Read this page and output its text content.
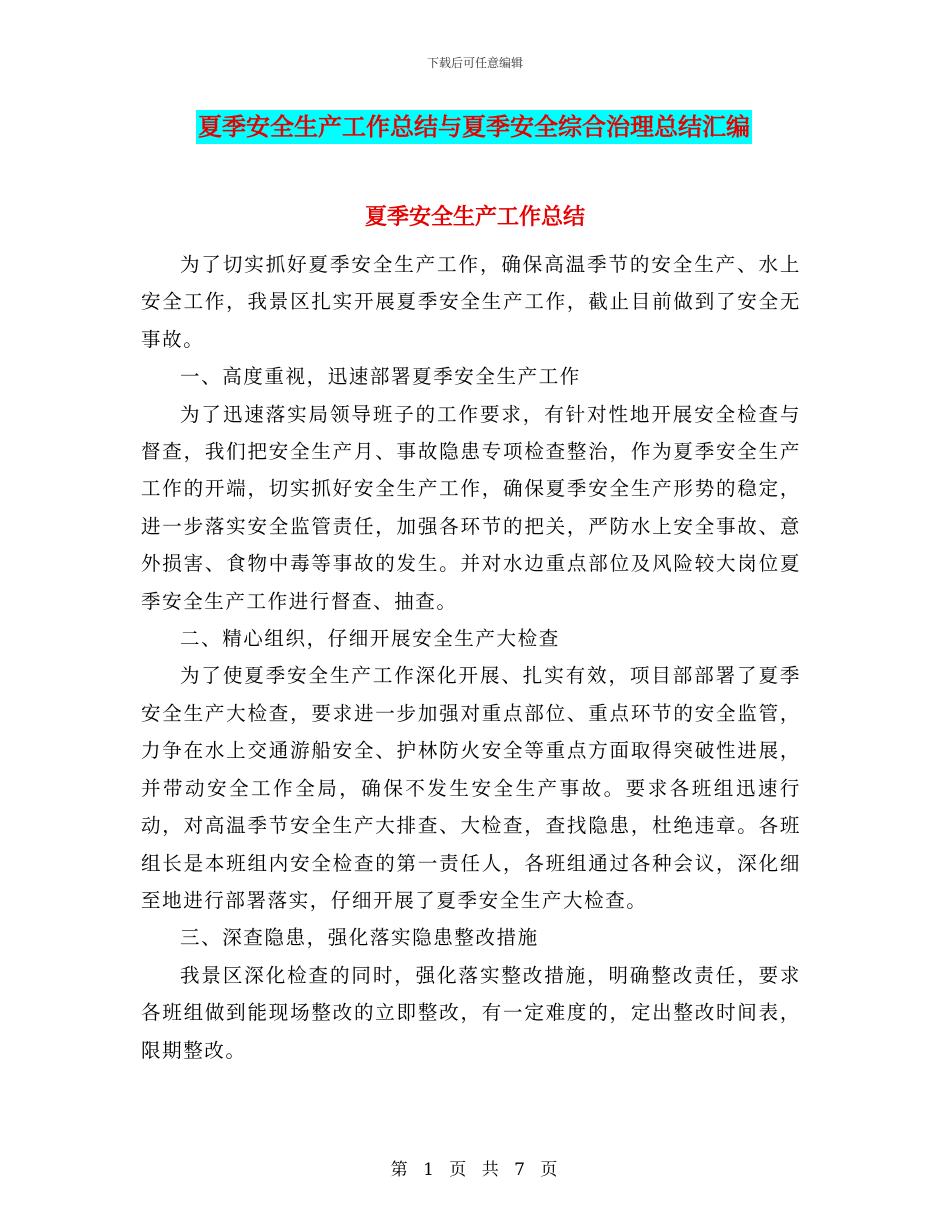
下载后可任意编辑
夏季安全生产工作总结与夏季安全综合治理总结汇编
夏季安全生产工作总结

为了切实抓好夏季安全生产工作，确保高温季节的安全生产、水上安全工作，我景区扎实开展夏季安全生产工作，截止目前做到了安全无事故。

一、高度重视，迅速部署夏季安全生产工作

为了迅速落实局领导班子的工作要求，有针对性地开展安全检查与督查，我们把安全生产月、事故隐患专项检查整治，作为夏季安全生产工作的开端，切实抓好安全生产工作，确保夏季安全生产形势的稳定，进一步落实安全监管责任，加强各环节的把关，严防水上安全事故、意外损害、食物中毒等事故的发生。并对水边重点部位及风险较大岗位夏季安全生产工作进行督查、抽查。

二、精心组织，仔细开展安全生产大检查

为了使夏季安全生产工作深化开展、扎实有效，项目部部署了夏季安全生产大检查，要求进一步加强对重点部位、重点环节的安全监管，力争在水上交通游船安全、护林防火安全等重点方面取得突破性进展，并带动安全工作全局，确保不发生安全生产事故。要求各班组迅速行动，对高温季节安全生产大排查、大检查，查找隐患，杜绝违章。各班组长是本班组内安全检查的第一责任人，各班组通过各种会议，深化细至地进行部署落实，仔细开展了夏季安全生产大检查。

三、深查隐患，强化落实隐患整改措施

我景区深化检查的同时，强化落实整改措施，明确整改责任，要求各班组做到能现场整改的立即整改，有一定难度的，定出整改时间表，限期整改。

第 1 页 共 7 页
